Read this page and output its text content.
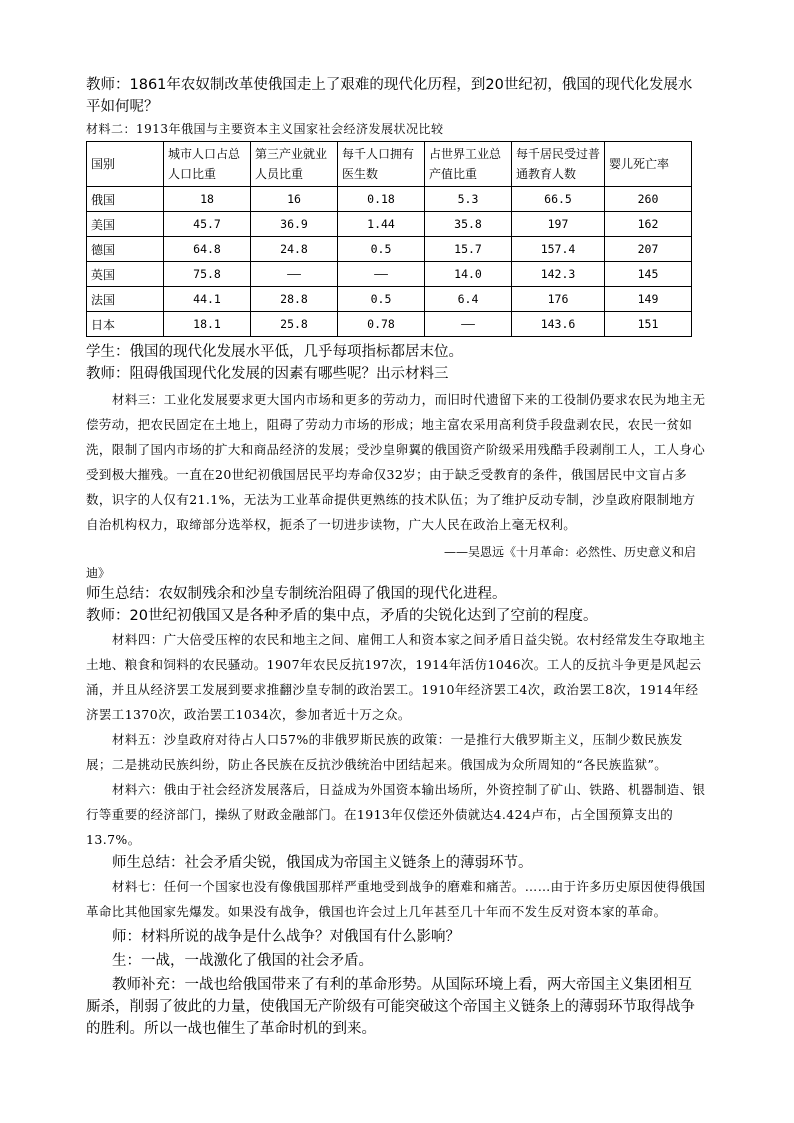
教师：1861年农奴制改革使俄国走上了艰难的现代化历程，到20世纪初，俄国的现代化发展水平如何呢？

材料二：1913年俄国与主要资本主义国家社会经济发展状况比较

国别	城市人口占总人口比重	第三产业就业人员比重	每千人口拥有医生数	占世界工业总产值比重	每千居民受过普通教育人数	婴儿死亡率
俄国	18	16	0.18	5.3	66.5	260
美国	45.7	36.9	1.44	35.8	197	162
德国	64.8	24.8	0.5	15.7	157.4	207
英国	75.8	——	——	14.0	142.3	145
法国	44.1	28.8	0.5	6.4	176	149
日本	18.1	25.8	0.78	——	143.6	151

学生：俄国的现代化发展水平低，几乎每项指标都居末位。

教师：阻碍俄国现代化发展的因素有哪些呢？出示材料三

材料三：工业化发展要求更大国内市场和更多的劳动力，而旧时代遗留下来的工役制仍要求农民为地主无偿劳动，把农民固定在土地上，阻碍了劳动力市场的形成；地主富农采用高利贷手段盘剥农民，农民一贫如洗，限制了国内市场的扩大和商品经济的发展；受沙皇卵翼的俄国资产阶级采用残酷手段剥削工人，工人身心受到极大摧残。一直在20世纪初俄国居民平均寿命仅32岁；由于缺乏受教育的条件，俄国居民中文盲占多数，识字的人仅有21.1%，无法为工业革命提供更熟练的技术队伍；为了维护反动专制，沙皇政府限制地方自治机构权力，取缔部分选举权，扼杀了一切进步读物，广大人民在政治上毫无权利。

——吴恩远《十月革命：必然性、历史意义和启

迪》

师生总结：农奴制残余和沙皇专制统治阻碍了俄国的现代化进程。

教师：20世纪初俄国又是各种矛盾的集中点，矛盾的尖锐化达到了空前的程度。

材料四：广大倍受压榨的农民和地主之间、雇佣工人和资本家之间矛盾日益尖锐。农村经常发生夺取地主土地、粮食和饲料的农民骚动。1907年农民反抗197次，1914年活仿1046次。工人的反抗斗争更是风起云涌，并且从经济罢工发展到要求推翻沙皇专制的政治罢工。1910年经济罢工4次，政治罢工8次，1914年经济罢工1370次，政治罢工1034次，参加者近十万之众。

材料五：沙皇政府对待占人口57%的非俄罗斯民族的政策：一是推行大俄罗斯主义，压制少数民族发展；二是挑动民族纠纷，防止各民族在反抗沙俄统治中团结起来。俄国成为众所周知的“各民族监狱”。

材料六：俄由于社会经济发展落后，日益成为外国资本输出场所，外资控制了矿山、铁路、机器制造、银行等重要的经济部门，操纵了财政金融部门。在1913年仅偿还外债就达4.424卢布，占全国预算支出的13.7%。

师生总结：社会矛盾尖锐，俄国成为帝国主义链条上的薄弱环节。

材料七：任何一个国家也没有像俄国那样严重地受到战争的磨难和痛苦。……由于许多历史原因使得俄国革命比其他国家先爆发。如果没有战争，俄国也许会过上几年甚至几十年而不发生反对资本家的革命。

师：材料所说的战争是什么战争？对俄国有什么影响？

生：一战，一战激化了俄国的社会矛盾。

教师补充：一战也给俄国带来了有利的革命形势。从国际环境上看，两大帝国主义集团相互厮杀，削弱了彼此的力量，使俄国无产阶级有可能突破这个帝国主义链条上的薄弱环节取得战争的胜利。所以一战也催生了革命时机的到来。
